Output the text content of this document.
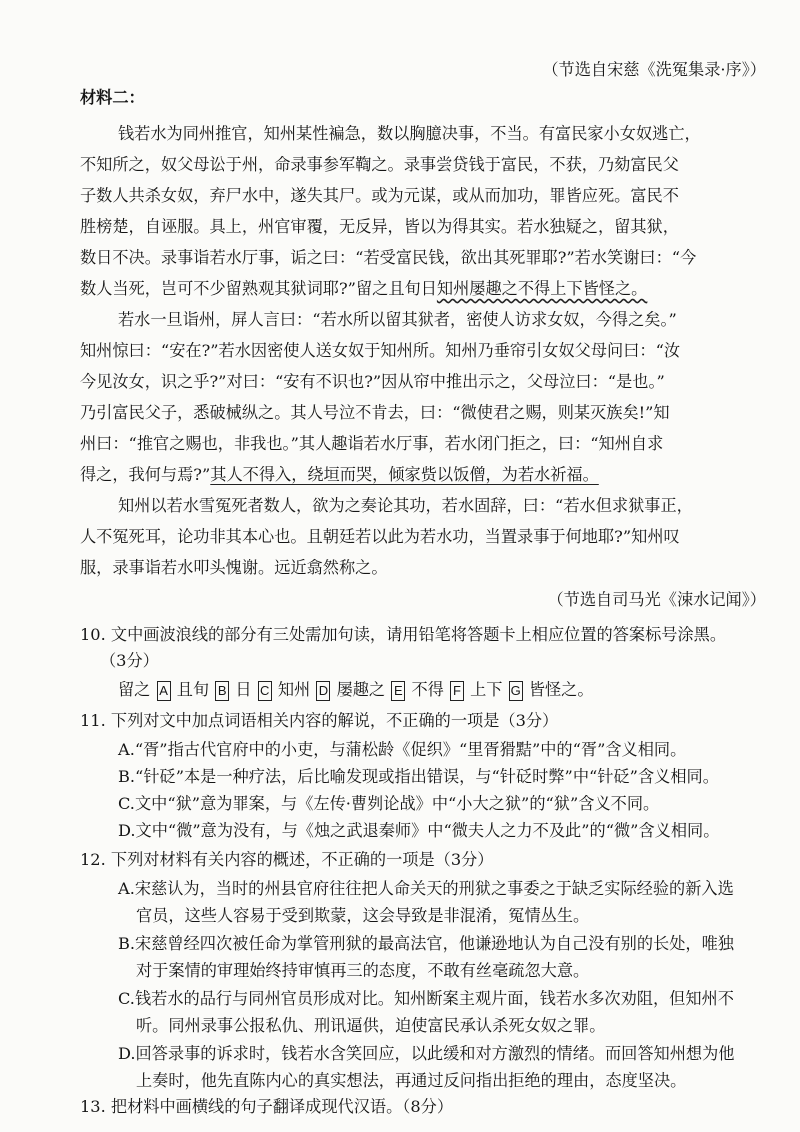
（节选自宋慈《洗冤集录·序》）
材料二：
钱若水为同州推官，知州某性褊急，数以胸臆决事，不当。有富民家小女奴逃亡，
不知所之，奴父母讼于州，命录事参军鞫之。录事尝贷钱于富民，不获，乃劾富民父
子数人共杀女奴，弃尸水中，遂失其尸。或为元谋，或从而加功，罪皆应死。富民不
胜榜楚，自诬服。具上，州官审覆，无反异，皆以为得其实。若水独疑之，留其狱，
数日不决。录事诣若水厅事，诟之曰：“若受富民钱，欲出其死罪耶?”若水笑谢曰：“今
数人当死，岂可不少留熟观其狱词耶?”留之且旬日知州屡趣之不得上下皆怪之。
若水一旦诣州，屏人言曰：“若水所以留其狱者，密使人访求女奴，今得之矣。”
知州惊曰：“安在?”若水因密使人送女奴于知州所。知州乃垂帘引女奴父母问曰：“汝
今见汝女，识之乎?”对曰：“安有不识也?”因从帘中推出示之，父母泣曰：“是也。”
乃引富民父子，悉破械纵之。其人号泣不肯去，曰：“微使君之赐，则某灭族矣!”知
州曰：“推官之赐也，非我也。”其人趣诣若水厅事，若水闭门拒之，曰：“知州自求
得之，我何与焉?”其人不得入，绕垣而哭，倾家赀以饭僧，为若水祈福。
知州以若水雪冤死者数人，欲为之奏论其功，若水固辞，曰：“若水但求狱事正，
人不冤死耳，论功非其本心也。且朝廷若以此为若水功，当置录事于何地耶?”知州叹
服，录事诣若水叩头愧谢。远近翕然称之。
（节选自司马光《涑水记闻》）
10. 文中画波浪线的部分有三处需加句读，请用铅笔将答题卡上相应位置的答案标号涂黑。
（3分）
留之 A 且旬 B 日 C 知州 D 屡趣之 E 不得 F 上下 G 皆怪之。
11. 下列对文中加点词语相关内容的解说，不正确的一项是（3分）
A.“胥”指古代官府中的小吏，与蒲松龄《促织》“里胥猾黠”中的“胥”含义相同。
B.“针砭”本是一种疗法，后比喻发现或指出错误，与“针砭时弊”中“针砭”含义相同。
C.文中“狱”意为罪案，与《左传·曹刿论战》中“小大之狱”的“狱”含义不同。
D.文中“微”意为没有，与《烛之武退秦师》中“微夫人之力不及此”的“微”含义相同。
12. 下列对材料有关内容的概述，不正确的一项是（3分）
A.宋慈认为，当时的州县官府往往把人命关天的刑狱之事委之于缺乏实际经验的新入选
官员，这些人容易于受到欺蒙，这会导致是非混淆，冤情丛生。
B.宋慈曾经四次被任命为掌管刑狱的最高法官，他谦逊地认为自己没有别的长处，唯独
对于案情的审理始终持审慎再三的态度，不敢有丝毫疏忽大意。
C.钱若水的品行与同州官员形成对比。知州断案主观片面，钱若水多次劝阻，但知州不
听。同州录事公报私仇、刑讯逼供，迫使富民承认杀死女奴之罪。
D.回答录事的诉求时，钱若水含笑回应，以此缓和对方激烈的情绪。而回答知州想为他
上奏时，他先直陈内心的真实想法，再通过反问指出拒绝的理由，态度坚决。
13. 把材料中画横线的句子翻译成现代汉语。（8分）
